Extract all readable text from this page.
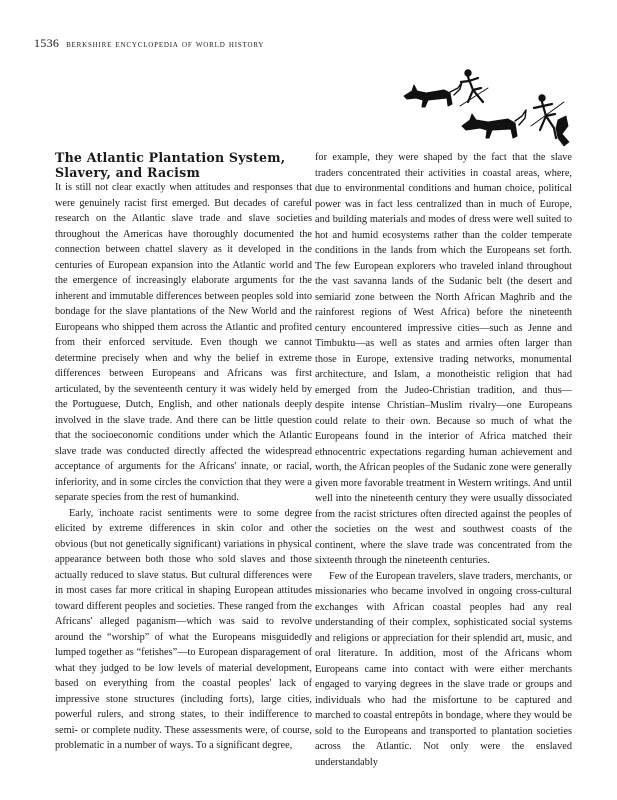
1536 berkshire encyclopedia of world history
The Atlantic Plantation System, Slavery, and Racism

It is still not clear exactly when attitudes and responses that were genuinely racist first emerged. But decades of careful research on the Atlantic slave trade and slave societies throughout the Americas have thoroughly documented the connection between chattel slavery as it developed in the centuries of European expansion into the Atlantic world and the emergence of increasingly elaborate arguments for the inherent and immutable differences between peoples sold into bondage for the slave plantations of the New World and the Europeans who shipped them across the Atlantic and profited from their enforced servitude. Even though we cannot determine precisely when and why the belief in extreme differences between Europeans and Africans was first articulated, by the seventeenth century it was widely held by the Portuguese, Dutch, English, and other nationals deeply involved in the slave trade. And there can be little question that the socioeconomic conditions under which the Atlantic slave trade was conducted directly affected the widespread acceptance of arguments for the Africans' innate, or racial, inferiority, and in some circles the conviction that they were a separate species from the rest of humankind.

Early, inchoate racist sentiments were to some degree elicited by extreme differences in skin color and other obvious (but not genetically significant) variations in physical appearance between both those who sold slaves and those actually reduced to slave status. But cultural differences were in most cases far more critical in shaping European attitudes toward different peoples and societies. These ranged from the Africans' alleged paganism—which was said to revolve around the “worship” of what the Europeans misguidedly lumped together as “fetishes”—to European disparagement of what they judged to be low levels of material development, based on everything from the coastal peoples' lack of impressive stone structures (including forts), large cities, powerful rulers, and strong states, to their indifference to semi- or complete nudity. These assessments were, of course, problematic in a number of ways. To a significant degree,

for example, they were shaped by the fact that the slave traders concentrated their activities in coastal areas, where, due to environmental conditions and human choice, political power was in fact less centralized than in much of Europe, and building materials and modes of dress were well suited to hot and humid ecosystems rather than the colder temperate conditions in the lands from which the Europeans set forth. The few European explorers who traveled inland throughout the vast savanna lands of the Sudanic belt (the desert and semiarid zone between the North African Maghrib and the rainforest regions of West Africa) before the nineteenth century encountered impressive cities—such as Jenne and Timbuktu—as well as states and armies often larger than those in Europe, extensive trading networks, monumental architecture, and Islam, a monotheistic religion that had emerged from the Judeo-Christian tradition, and thus—despite intense Christian–Muslim rivalry—one Europeans could relate to their own. Because so much of what the Europeans found in the interior of Africa matched their ethnocentric expectations regarding human achievement and worth, the African peoples of the Sudanic zone were generally given more favorable treatment in Western writings. And until well into the nineteenth century they were usually dissociated from the racist strictures often directed against the peoples of the societies on the west and southwest coasts of the continent, where the slave trade was concentrated from the sixteenth through the nineteenth centuries.

Few of the European travelers, slave traders, merchants, or missionaries who became involved in ongoing cross-cultural exchanges with African coastal peoples had any real understanding of their complex, sophisticated social systems and religions or appreciation for their splendid art, music, and oral literature. In addition, most of the Africans whom Europeans came into contact with were either merchants engaged to varying degrees in the slave trade or groups and individuals who had the misfortune to be captured and marched to coastal entrepôts in bondage, where they would be sold to the Europeans and transported to plantation societies across the Atlantic. Not only were the enslaved understandably
